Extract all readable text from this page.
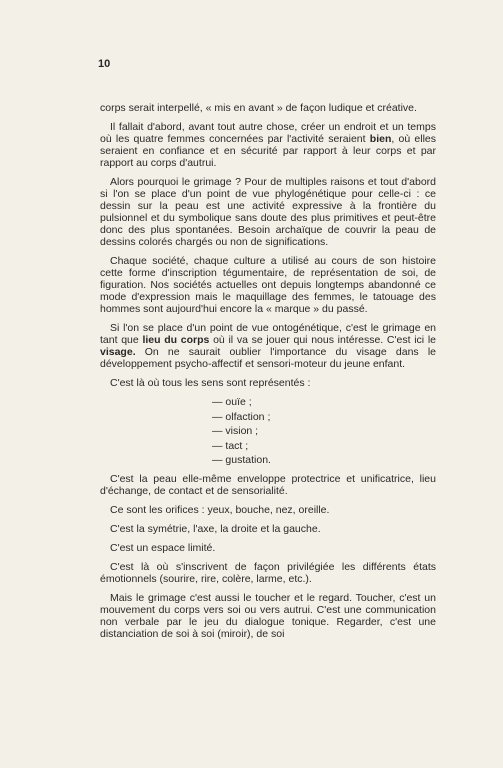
10

corps serait interpellé, « mis en avant » de façon ludique et créative.

Il fallait d'abord, avant tout autre chose, créer un endroit et un temps où les quatre femmes concernées par l'activité seraient bien, où elles seraient en confiance et en sécurité par rapport à leur corps et par rapport au corps d'autrui.

Alors pourquoi le grimage ? Pour de multiples raisons et tout d'abord si l'on se place d'un point de vue phylogénétique pour celle-ci : ce dessin sur la peau est une activité expressive à la frontière du pulsionnel et du symbolique sans doute des plus primitives et peut-être donc des plus spontanées. Besoin archaïque de couvrir la peau de dessins colorés chargés ou non de significations.

Chaque société, chaque culture a utilisé au cours de son histoire cette forme d'inscription tégumentaire, de représentation de soi, de figuration. Nos sociétés actuelles ont depuis longtemps abandonné ce mode d'expression mais le maquillage des femmes, le tatouage des hommes sont aujourd'hui encore la « marque » du passé.

Si l'on se place d'un point de vue ontogénétique, c'est le grimage en tant que lieu du corps où il va se jouer qui nous intéresse. C'est ici le visage. On ne saurait oublier l'importance du visage dans le développement psycho-affectif et sensori-moteur du jeune enfant.

C'est là où tous les sens sont représentés :

— ouïe ;
— olfaction ;
— vision ;
— tact ;
— gustation.

C'est la peau elle-même enveloppe protectrice et unificatrice, lieu d'échange, de contact et de sensorialité.

Ce sont les orifices : yeux, bouche, nez, oreille.

C'est la symétrie, l'axe, la droite et la gauche.

C'est un espace limité.

C'est là où s'inscrivent de façon privilégiée les différents états émotionnels (sourire, rire, colère, larme, etc.).

Mais le grimage c'est aussi le toucher et le regard. Toucher, c'est un mouvement du corps vers soi ou vers autrui. C'est une communication non verbale par le jeu du dialogue tonique. Regarder, c'est une distanciation de soi à soi (miroir), de soi
